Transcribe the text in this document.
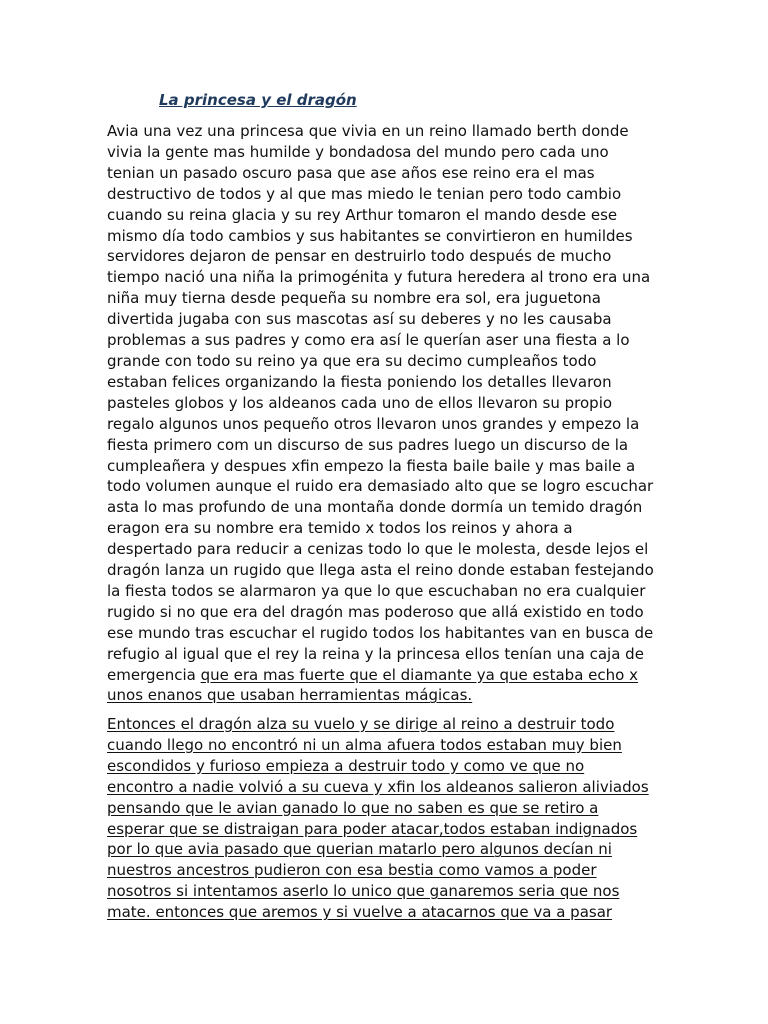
La princesa y el dragón
Avia una vez una princesa que vivia en un reino llamado berth donde
vivia la gente mas humilde y bondadosa del mundo pero cada uno
tenian un pasado oscuro pasa que ase años ese reino era el mas
destructivo de todos y al que mas miedo le tenian pero todo cambio
cuando su reina glacia y su rey Arthur tomaron el mando desde ese
mismo día todo cambios y sus habitantes se convirtieron en humildes
servidores dejaron de pensar en destruirlo todo después de mucho
tiempo nació una niña la primogénita y futura heredera al trono era una
niña muy tierna desde pequeña su nombre era sol, era juguetona
divertida jugaba con sus mascotas así su deberes y no les causaba
problemas a sus padres y como era así le querían aser una fiesta a lo
grande con todo su reino ya que era su decimo cumpleaños todo
estaban felices organizando la fiesta poniendo los detalles llevaron
pasteles globos y los aldeanos cada uno de ellos llevaron su propio
regalo algunos unos pequeño otros llevaron unos grandes y empezo la
fiesta primero com un discurso de sus padres luego un discurso de la
cumpleañera y despues xfin empezo la fiesta baile baile y mas baile a
todo volumen aunque el ruido era demasiado alto que se logro escuchar
asta lo mas profundo de una montaña donde dormía un temido dragón
eragon era su nombre era temido x todos los reinos y ahora a
despertado para reducir a cenizas todo lo que le molesta, desde lejos el
dragón lanza un rugido que llega asta el reino donde estaban festejando
la fiesta todos se alarmaron ya que lo que escuchaban no era cualquier
rugido si no que era del dragón mas poderoso que allá existido en todo
ese mundo tras escuchar el rugido todos los habitantes van en busca de
refugio al igual que el rey la reina y la princesa ellos tenían una caja de
emergencia que era mas fuerte que el diamante ya que estaba echo x
unos enanos que usaban herramientas mágicas.
Entonces el dragón alza su vuelo y se dirige al reino a destruir todo
cuando llego no encontró ni un alma afuera todos estaban muy bien
escondidos y furioso empieza a destruir todo y como ve que no
encontro a nadie volvió a su cueva y xfin los aldeanos salieron aliviados
pensando que le avian ganado lo que no saben es que se retiro a
esperar que se distraigan para poder atacar,todos estaban indignados
por lo que avia pasado que querian matarlo pero algunos decían ni
nuestros ancestros pudieron con esa bestia como vamos a poder
nosotros si intentamos aserlo lo unico que ganaremos seria que nos
mate. entonces que aremos y si vuelve a atacarnos que va a pasar
